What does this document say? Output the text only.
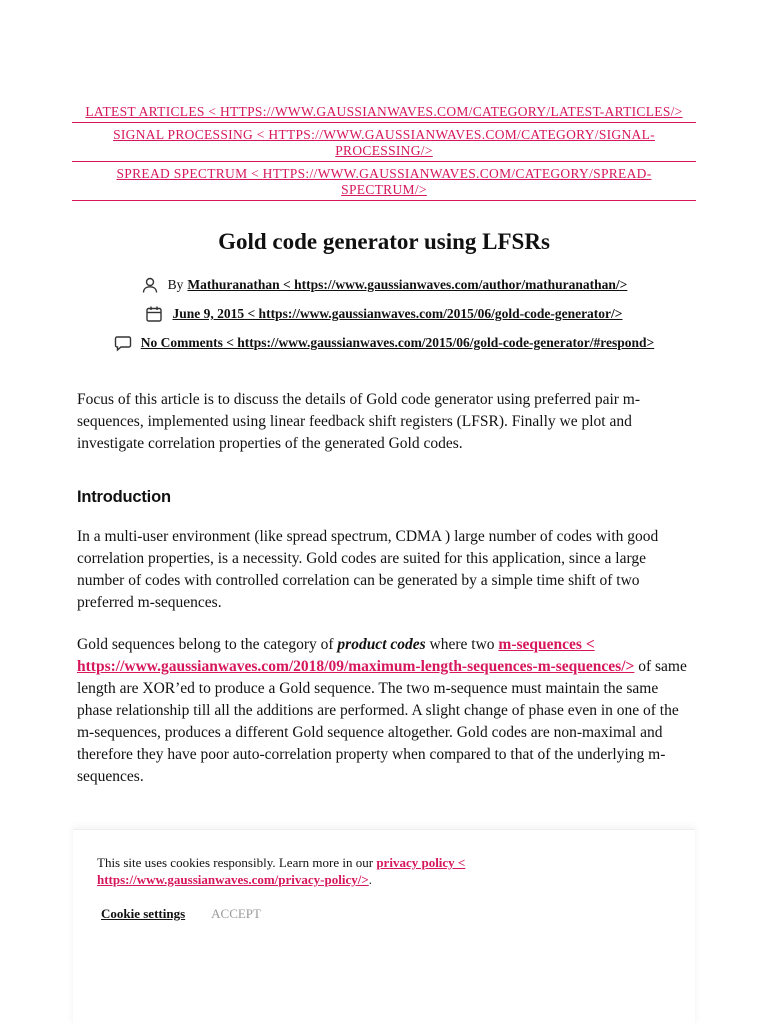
LATEST ARTICLES < HTTPS://WWW.GAUSSIANWAVES.COM/CATEGORY/LATEST-ARTICLES/>
SIGNAL PROCESSING < HTTPS://WWW.GAUSSIANWAVES.COM/CATEGORY/SIGNAL-PROCESSING/>
SPREAD SPECTRUM < HTTPS://WWW.GAUSSIANWAVES.COM/CATEGORY/SPREAD-SPECTRUM/>
Gold code generator using LFSRs
By Mathuranathan < https://www.gaussianwaves.com/author/mathuranathan/>
June 9, 2015 < https://www.gaussianwaves.com/2015/06/gold-code-generator/>
No Comments < https://www.gaussianwaves.com/2015/06/gold-code-generator/#respond>

Focus of this article is to discuss the details of Gold code generator using preferred pair m-sequences, implemented using linear feedback shift registers (LFSR). Finally we plot and investigate correlation properties of the generated Gold codes.

Introduction

In a multi-user environment (like spread spectrum, CDMA ) large number of codes with good correlation properties, is a necessity. Gold codes are suited for this application, since a large number of codes with controlled correlation can be generated by a simple time shift of two preferred m-sequences.

Gold sequences belong to the category of product codes where two m-sequences < https://www.gaussianwaves.com/2018/09/maximum-length-sequences-m-sequences/> of same length are XOR’ed to produce a Gold sequence. The two m-sequence must maintain the same phase relationship till all the additions are performed. A slight change of phase even in one of the m-sequences, produces a different Gold sequence altogether. Gold codes are non-maximal and therefore they have poor auto-correlation property when compared to that of the underlying m-sequences.

This site uses cookies responsibly. Learn more in our privacy policy < https://www.gaussianwaves.com/privacy-policy/>.
Cookie settings ACCEPT
